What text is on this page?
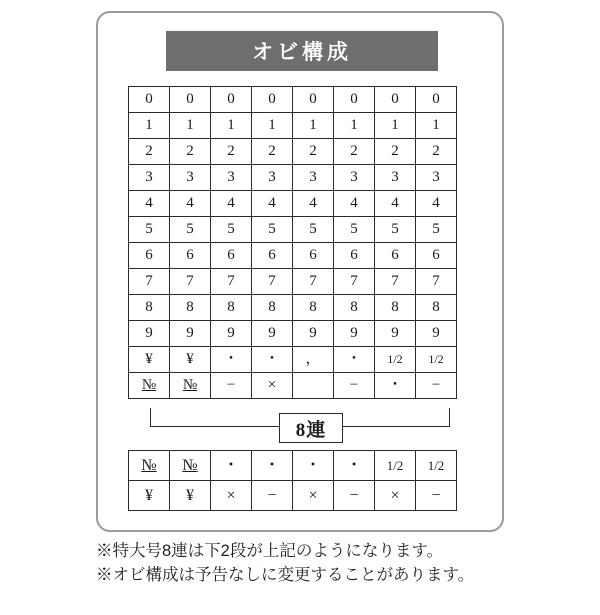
オビ構成
0	0	0	0	0	0	0	0
1	1	1	1	1	1	1	1
2	2	2	2	2	2	2	2
3	3	3	3	3	3	3	3
4	4	4	4	4	4	4	4
5	5	5	5	5	5	5	5
6	6	6	6	6	6	6	6
7	7	7	7	7	7	7	7
8	8	8	8	8	8	8	8
9	9	9	9	9	9	9	9
¥	¥	・	・	，	・	1/2	1/2
№	№	−	×		−	・	−
8連
№	№	・	・	・	・	1/2	1/2
¥	¥	×	−	×	−	×	−
※特大号8連は下2段が上記のようになります。
※オビ構成は予告なしに変更することがあります。
